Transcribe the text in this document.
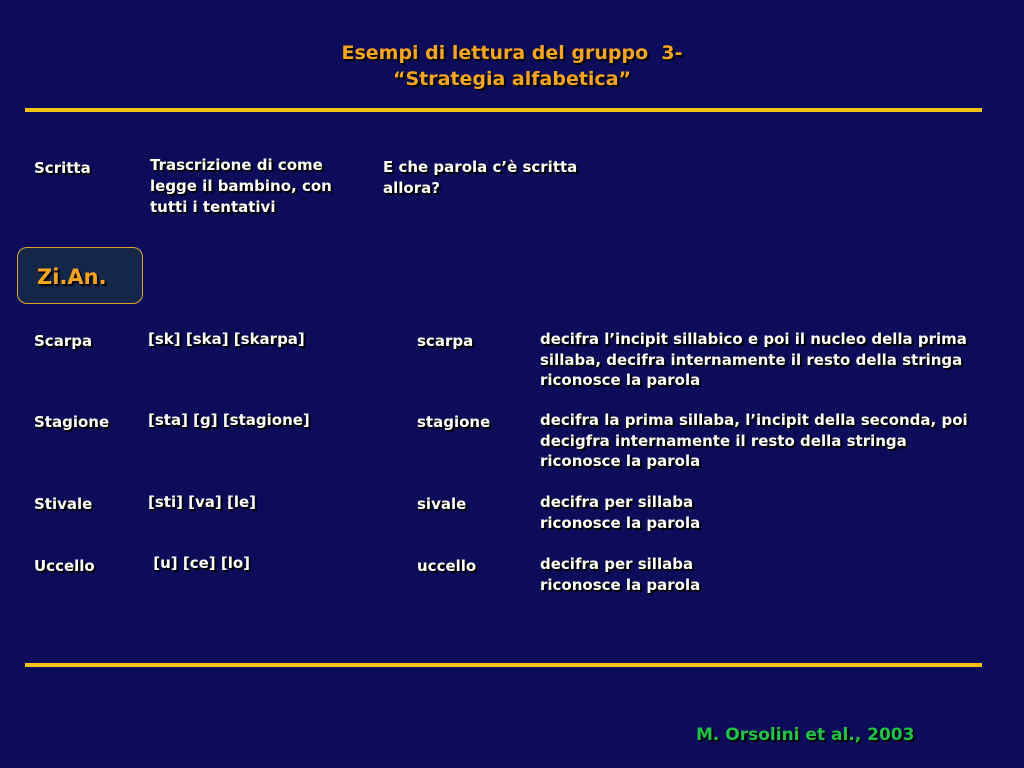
Esempi di lettura del gruppo  3-
“Strategia alfabetica”
Scritta	Trascrizione di come legge il bambino, con tutti i tentativi
E che parola c’è scritta allora?
Zi.An.
Scarpa	[sk] [ska] [skarpa]	scarpa	decifra l’incipit sillabico e poi il nucleo della prima
sillaba, decifra internamente il resto della stringa
riconosce la parola
Stagione	[sta] [g] [stagione]	stagione	decifra la prima sillaba, l’incipit della seconda, poi
decigfra internamente il resto della stringa
riconosce la parola
Stivale	[sti] [va] [le]	sivale	decifra per sillaba
riconosce la parola
Uccello	[u] [ce] [lo]	uccello	decifra per sillaba
riconosce la parola
M. Orsolini et al., 2003
